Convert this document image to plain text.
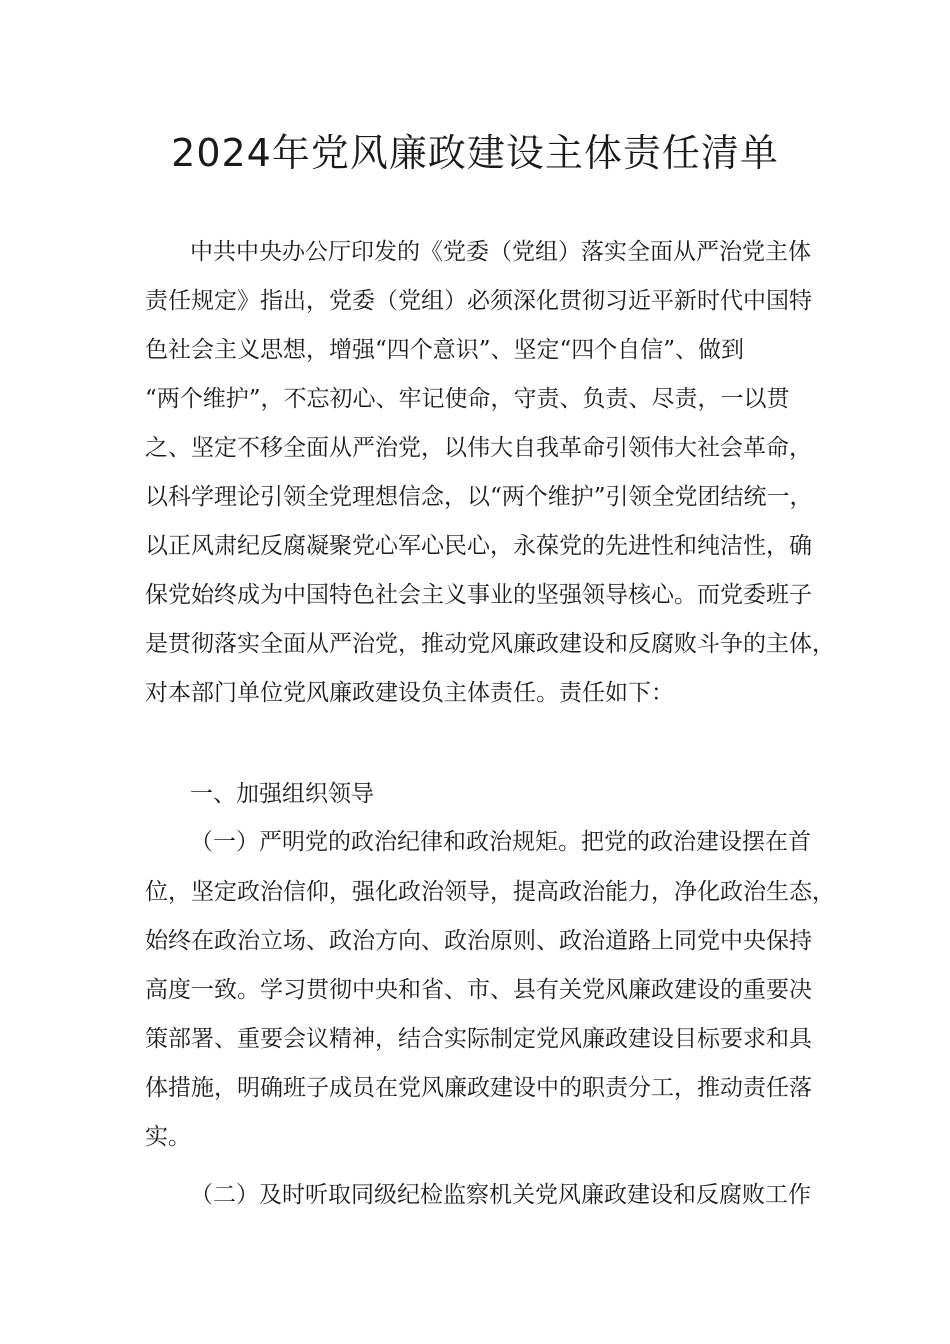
2024年党风廉政建设主体责任清单

中共中央办公厅印发的《党委（党组）落实全面从严治党主体

责任规定》指出，党委（党组）必须深化贯彻习近平新时代中国特

色社会主义思想，增强“四个意识”、坚定“四个自信”、做到

“两个维护”，不忘初心、牢记使命，守责、负责、尽责，一以贯

之、坚定不移全面从严治党，以伟大自我革命引领伟大社会革命，

以科学理论引领全党理想信念，以“两个维护”引领全党团结统一，

以正风肃纪反腐凝聚党心军心民心，永葆党的先进性和纯洁性，确

保党始终成为中国特色社会主义事业的坚强领导核心。而党委班子

是贯彻落实全面从严治党，推动党风廉政建设和反腐败斗争的主体，

对本部门单位党风廉政建设负主体责任。责任如下：

一、加强组织领导

（一）严明党的政治纪律和政治规矩。把党的政治建设摆在首

位，坚定政治信仰，强化政治领导，提高政治能力，净化政治生态，

始终在政治立场、政治方向、政治原则、政治道路上同党中央保持

高度一致。学习贯彻中央和省、市、县有关党风廉政建设的重要决

策部署、重要会议精神，结合实际制定党风廉政建设目标要求和具

体措施，明确班子成员在党风廉政建设中的职责分工，推动责任落

实。

（二）及时听取同级纪检监察机关党风廉政建设和反腐败工作
